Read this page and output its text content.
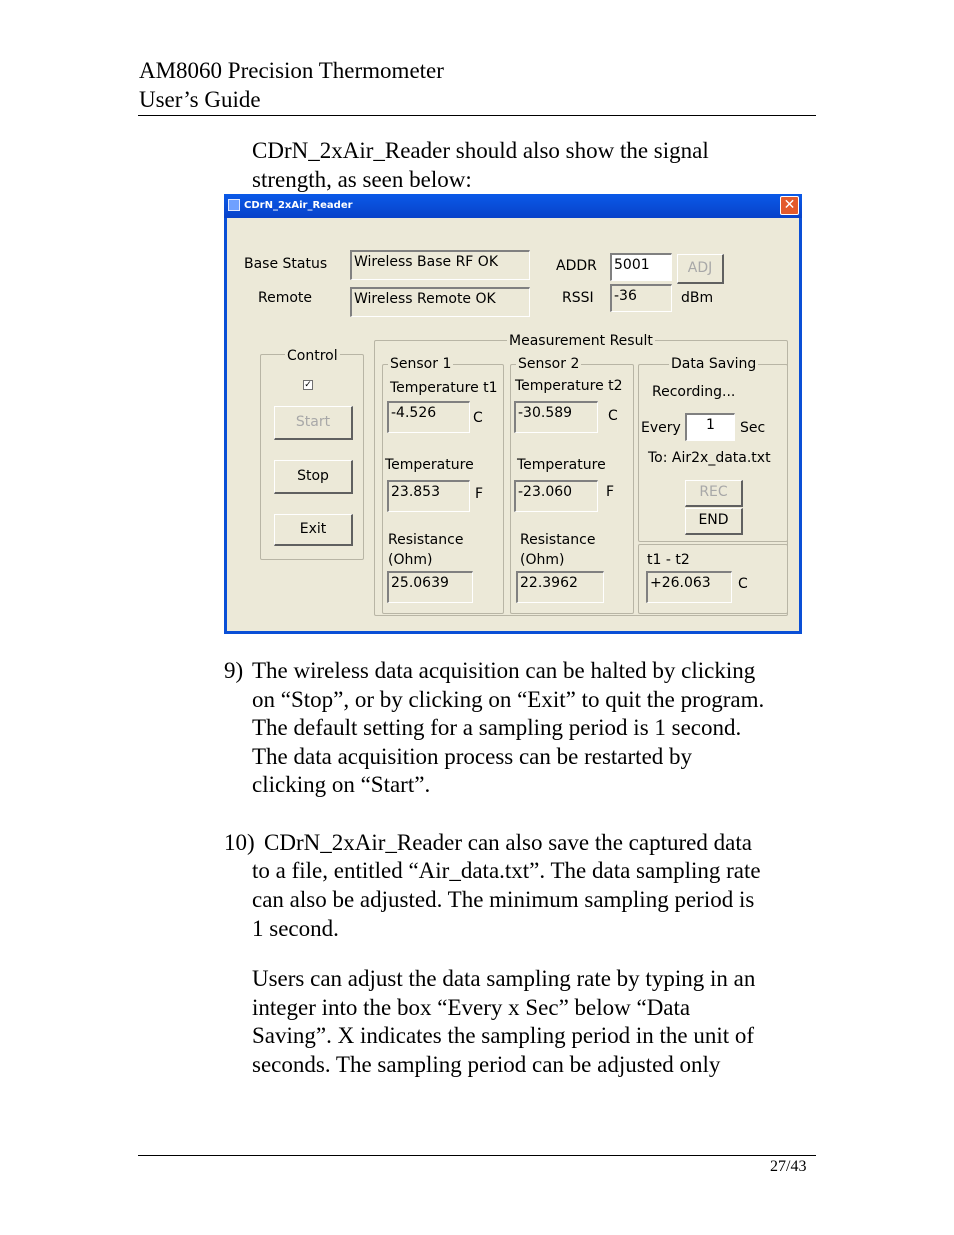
AM8060 Precision Thermometer
User’s Guide
CDrN_2xAir_Reader should also show the signal
strength, as seen below:
CDrN_2xAir_Reader	✕
Base Status Wireless Base RF OK
Remote	Wireless Remote OK
ADDR 5001	ADJ
RSSI -36	dBm
Measurement Result
Control
✓
Start
Stop
Exit
Sensor 1
Temperature t1
-4.526	C
Temperature
23.853	F
Resistance
(Ohm)
25.0639
Sensor 2
Temperature t2
-30.589	C
Temperature
-23.060	F
Resistance
(Ohm)
22.3962
Data Saving
Recording...
Every	1	Sec
To: Air2x_data.txt
REC
END
t1 - t2
+26.063	C
9) The wireless data acquisition can be halted by clicking
on “Stop”, or by clicking on “Exit” to quit the program.
The default setting for a sampling period is 1 second.
The data acquisition process can be restarted by
clicking on “Start”.
10) CDrN_2xAir_Reader can also save the captured data
to a file, entitled “Air_data.txt”. The data sampling rate
can also be adjusted. The minimum sampling period is
1 second.
Users can adjust the data sampling rate by typing in an
integer into the box “Every x Sec” below “Data
Saving”. X indicates the sampling period in the unit of
seconds. The sampling period can be adjusted only
27/43
